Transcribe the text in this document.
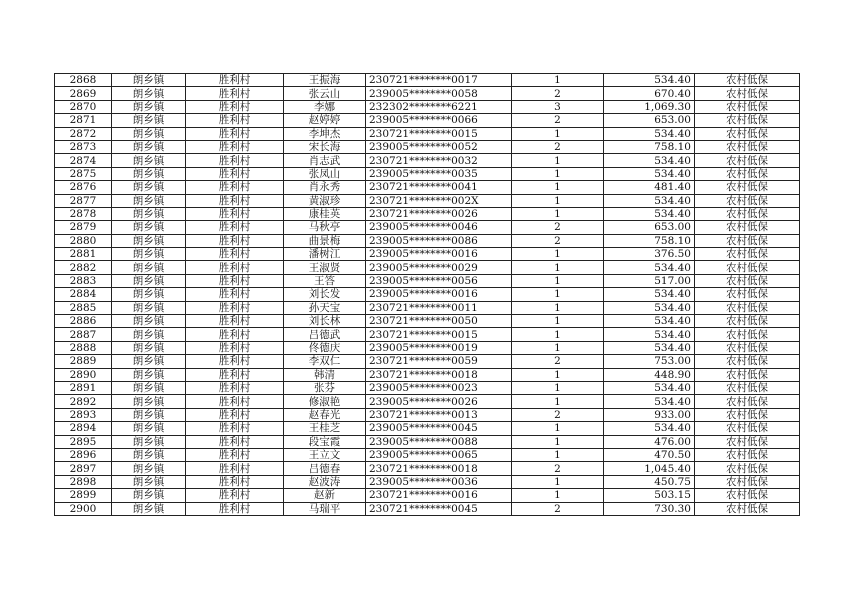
2868	朗乡镇	胜利村	王振海	230721********0017	1	534.40	农村低保
2869	朗乡镇	胜利村	张云山	239005********0058	2	670.40	农村低保
2870	朗乡镇	胜利村	李娜	232302********6221	3	1,069.30	农村低保
2871	朗乡镇	胜利村	赵婷婷	239005********0066	2	653.00	农村低保
2872	朗乡镇	胜利村	李坤杰	230721********0015	1	534.40	农村低保
2873	朗乡镇	胜利村	宋长海	239005********0052	2	758.10	农村低保
2874	朗乡镇	胜利村	肖志武	230721********0032	1	534.40	农村低保
2875	朗乡镇	胜利村	张凤山	239005********0035	1	534.40	农村低保
2876	朗乡镇	胜利村	肖永秀	230721********0041	1	481.40	农村低保
2877	朗乡镇	胜利村	黄淑珍	230721********002X	1	534.40	农村低保
2878	朗乡镇	胜利村	康桂英	230721********0026	1	534.40	农村低保
2879	朗乡镇	胜利村	马秋亭	239005********0046	2	653.00	农村低保
2880	朗乡镇	胜利村	曲景梅	239005********0086	2	758.10	农村低保
2881	朗乡镇	胜利村	潘树江	239005********0016	1	376.50	农村低保
2882	朗乡镇	胜利村	王淑贤	239005********0029	1	534.40	农村低保
2883	朗乡镇	胜利村	王答	239005********0056	1	517.00	农村低保
2884	朗乡镇	胜利村	刘长发	239005********0016	1	534.40	农村低保
2885	朗乡镇	胜利村	孙天宝	230721********0011	1	534.40	农村低保
2886	朗乡镇	胜利村	刘长林	230721********0050	1	534.40	农村低保
2887	朗乡镇	胜利村	吕德武	230721********0015	1	534.40	农村低保
2888	朗乡镇	胜利村	佟德庆	239005********0019	1	534.40	农村低保
2889	朗乡镇	胜利村	李双仁	230721********0059	2	753.00	农村低保
2890	朗乡镇	胜利村	韩清	230721********0018	1	448.90	农村低保
2891	朗乡镇	胜利村	张芬	239005********0023	1	534.40	农村低保
2892	朗乡镇	胜利村	修淑艳	239005********0026	1	534.40	农村低保
2893	朗乡镇	胜利村	赵春光	230721********0013	2	933.00	农村低保
2894	朗乡镇	胜利村	王桂芝	239005********0045	1	534.40	农村低保
2895	朗乡镇	胜利村	段宝霞	239005********0088	1	476.00	农村低保
2896	朗乡镇	胜利村	王立文	239005********0065	1	470.50	农村低保
2897	朗乡镇	胜利村	吕德春	230721********0018	2	1,045.40	农村低保
2898	朗乡镇	胜利村	赵波涛	239005********0036	1	450.75	农村低保
2899	朗乡镇	胜利村	赵新	230721********0016	1	503.15	农村低保
2900	朗乡镇	胜利村	马瑞平	230721********0045	2	730.30	农村低保
